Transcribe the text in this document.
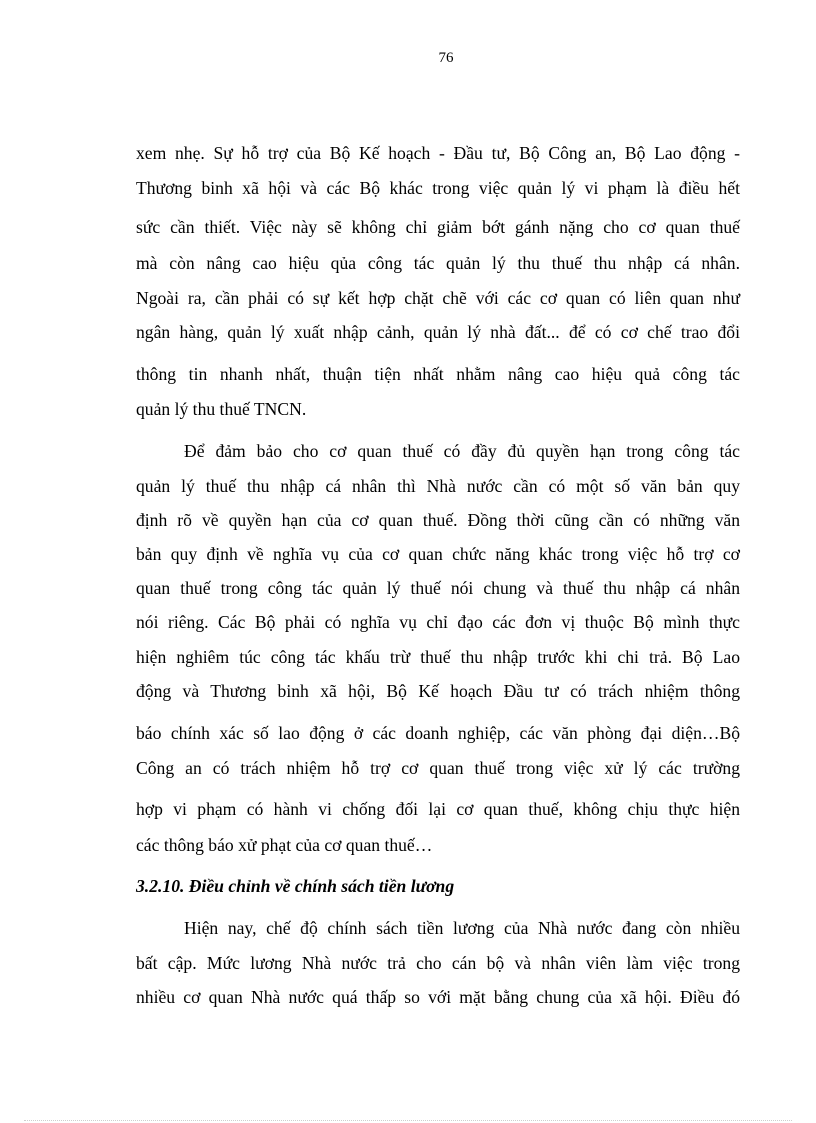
76
xem nhẹ. Sự hỗ trợ của Bộ Kế hoạch - Đầu tư, Bộ Công an, Bộ Lao động -
Thương binh xã hội và các Bộ khác trong việc quản lý vi phạm là điều hết
sức cần thiết. Việc này sẽ không chỉ giảm bớt gánh nặng cho cơ quan thuế
mà còn nâng cao hiệu qủa công tác quản lý thu thuế thu nhập cá nhân.
Ngoài ra, cần phải có sự kết hợp chặt chẽ với các cơ quan có liên quan như
ngân hàng, quản lý xuất nhập cảnh, quản lý nhà đất... để có cơ chế trao đổi
thông tin nhanh nhất, thuận tiện nhất nhằm nâng cao hiệu quả công tác
quản lý thu thuế TNCN.
Để đảm bảo cho cơ quan thuế có đầy đủ quyền hạn trong công tác
quản lý thuế thu nhập cá nhân thì Nhà nước cần có một số văn bản quy
định rõ về quyền hạn của cơ quan thuế. Đồng thời cũng cần có những văn
bản quy định về nghĩa vụ của cơ quan chức năng khác trong việc hỗ trợ cơ
quan thuế trong công tác quản lý thuế nói chung và thuế thu nhập cá nhân
nói riêng. Các Bộ phải có nghĩa vụ chỉ đạo các đơn vị thuộc Bộ mình thực
hiện nghiêm túc công tác khấu trừ thuế thu nhập trước khi chi trả. Bộ Lao
động và Thương binh xã hội, Bộ Kế hoạch Đầu tư có trách nhiệm thông
báo chính xác số lao động ở các doanh nghiệp, các văn phòng đại diện…Bộ
Công an có trách nhiệm hỗ trợ cơ quan thuế trong việc xử lý các trường
hợp vi phạm có hành vi chống đối lại cơ quan thuế, không chịu thực hiện
các thông báo xử phạt của cơ quan thuế…
3.2.10. Điều chỉnh về chính sách tiền lương
Hiện nay, chế độ chính sách tiền lương của Nhà nước đang còn nhiều
bất cập. Mức lương Nhà nước trả cho cán bộ và nhân viên làm việc trong
nhiều cơ quan Nhà nước quá thấp so với mặt bằng chung của xã hội. Điều đó
